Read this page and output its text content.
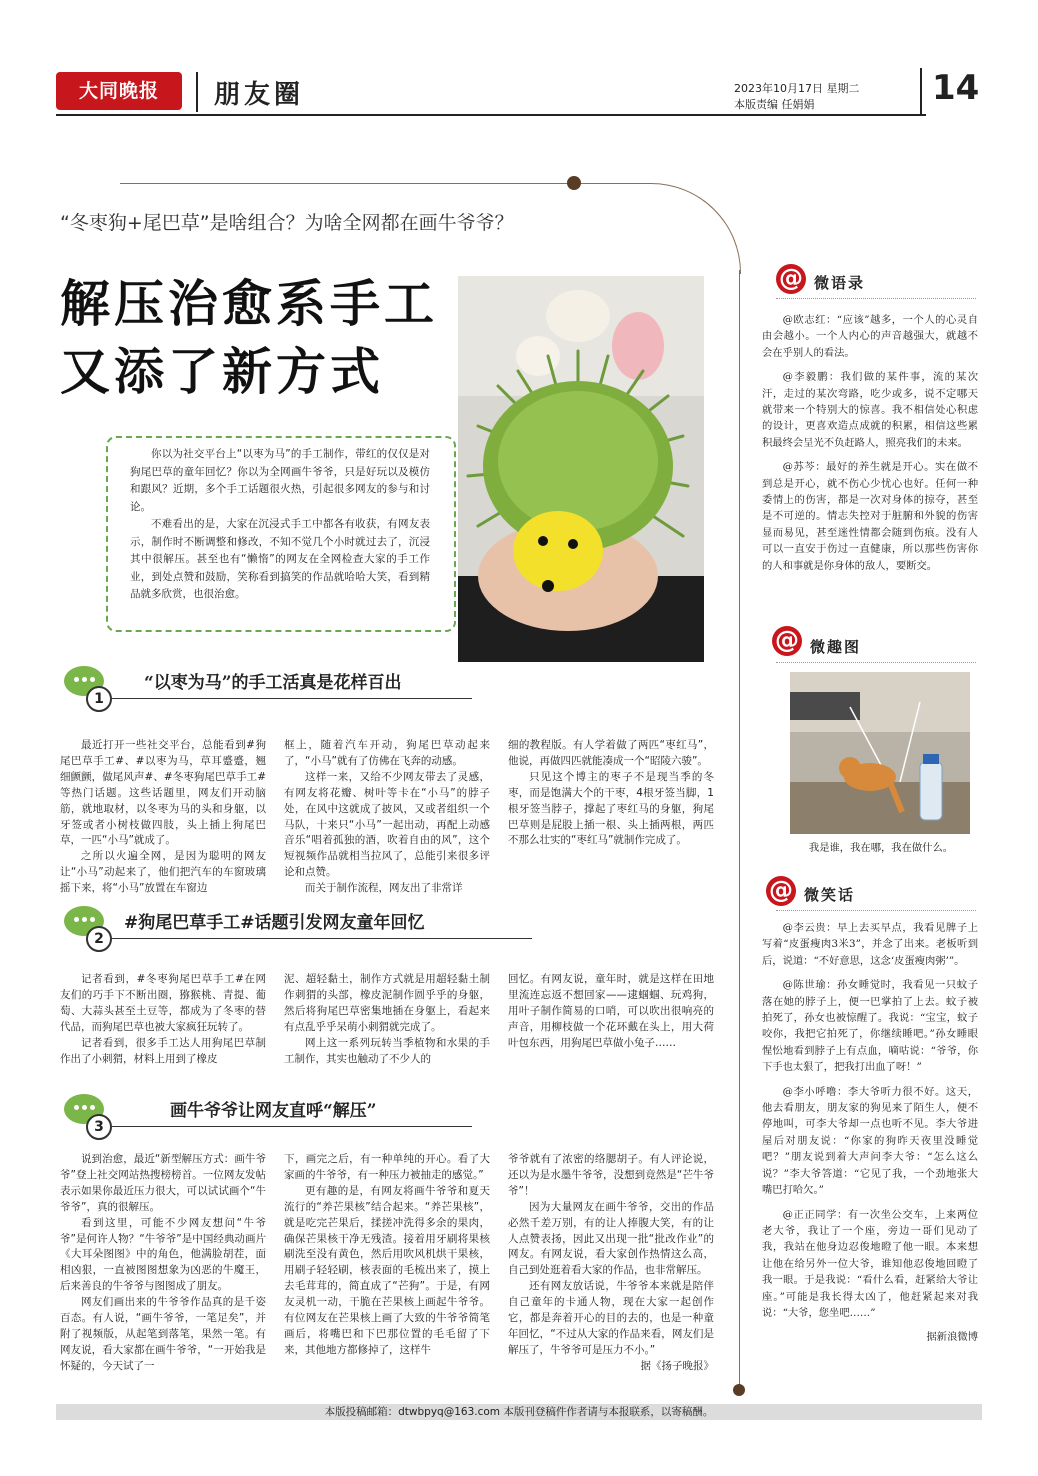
大同晚报	朋友圈	2023年10月17日 星期二
本版责编 任娟娟	14
“冬枣狗+尾巴草”是啥组合？为啥全网都在画牛爷爷？
解压治愈系手工
又添了新方式

你以为社交平台上“以枣为马”的手工制作，带红的仅仅是对狗尾巴草的童年回忆？你以为全网画牛爷爷，只是好玩以及模仿和跟风？近期，多个手工话题很火热，引起很多网友的参与和讨论。

不难看出的是，大家在沉浸式手工中都各有收获，有网友表示，制作时不断调整和修改，不知不觉几个小时就过去了，沉浸其中很解压。甚至也有“懒惰”的网友在全网检查大家的手工作业，到处点赞和鼓励，笑称看到搞笑的作品就哈哈大笑，看到精品就多欣赏，也很治愈。

1
“以枣为马”的手工活真是花样百出

最近打开一些社交平台，总能看到#狗尾巴草手工#、#以枣为马，草耳蹙蹙，翘细颤颤，做尾风声#、#冬枣狗尾巴草手工#等热门话题。这些话题里，网友们开动脑筋，就地取材，以冬枣为马的头和身躯，以牙签或者小树枝做四肢，头上插上狗尾巴草，一匹“小马”就成了。

之所以火遍全网，是因为聪明的网友让“小马”动起来了，他们把汽车的车窗玻璃摇下来，将“小马”放置在车窗边

框上，随着汽车开动，狗尾巴草动起来了，“小马”就有了仿佛在飞奔的动感。

这样一来，又给不少网友带去了灵感，有网友将花瓣、树叶等卡在“小马”的脖子处，在风中这就成了披风，又或者组织一个马队，十来只“小马”一起出动，再配上动感音乐“唱着孤独的酒，吹着自由的风”，这个短视频作品就相当拉风了，总能引来很多评论和点赞。

而关于制作流程，网友出了非常详

细的教程版。有人学着做了两匹“枣红马”，他说，再做四匹就能凑成一个“昭陵六骏”。

只见这个博主的枣子不是现当季的冬枣，而是饱满大个的干枣，4根牙签当脚，1根牙签当脖子，撑起了枣红马的身躯，狗尾巴草则是屁股上插一根、头上插两根，两匹不那么壮实的“枣红马”就制作完成了。

2
#狗尾巴草手工#话题引发网友童年回忆

记者看到，#冬枣狗尾巴草手工#在网友们的巧手下不断出圈，猕猴桃、青提、葡萄、大蒜头甚至土豆等，都成为了冬枣的替代品，而狗尾巴草也被大家疯狂玩转了。

记者看到，很多手工达人用狗尾巴草制作出了小刺猬，材料上用到了橡皮

泥、超轻黏土，制作方式就是用超轻黏土制作刺猬的头部，橡皮泥制作圆乎乎的身躯，然后将狗尾巴草密集地插在身躯上，看起来有点乱乎乎呆萌小刺猬就完成了。

网上这一系列玩转当季植物和水果的手工制作，其实也触动了不少人的

回忆。有网友说，童年时，就是这样在田地里流连忘返不想回家——逮蝈蝈、玩鸡狗，用叶子制作简易的口哨，可以吹出很响亮的声音，用柳枝做一个花环戴在头上，用大荷叶包东西，用狗尾巴草做小兔子……

3
画牛爷爷让网友直呼“解压”

说到治愈，最近“新型解压方式：画牛爷爷”登上社交网站热搜榜榜首。一位网友发帖表示如果你最近压力很大，可以试试画个“牛爷爷”，真的很解压。

看到这里，可能不少网友想问“牛爷爷”是何许人物？“牛爷爷”是中国经典动画片《大耳朵图图》中的角色，他满脸胡茬，面相凶狠，一直被图图想象为凶恶的牛魔王，后来善良的牛爷爷与图图成了朋友。

网友们画出来的牛爷爷作品真的是千姿百态。有人说，“画牛爷爷，一笔足矣”，并附了视频版，从起笔到落笔，果然一笔。有网友说，看大家都在画牛爷爷，“一开始我是怀疑的，今天试了一

下，画完之后，有一种单纯的开心。看了大家画的牛爷爷，有一种压力被抽走的感觉。”

更有趣的是，有网友将画牛爷爷和夏天流行的“养芒果核”结合起来。“养芒果核”，就是吃完芒果后，揉搓冲洗得多余的果肉，确保芒果核干净无残渣。接着用牙刷将果核刷洗至没有黄色，然后用吹风机烘干果核，用刷子轻轻刷，核表面的毛梳出来了，摸上去毛茸茸的，简直成了“芒狗”。于是，有网友灵机一动，干脆在芒果核上画起牛爷爷。有位网友在芒果核上画了大致的牛爷爷简笔画后，将嘴巴和下巴那位置的毛毛留了下来，其他地方都修掉了，这样牛

爷爷就有了浓密的络腮胡子。有人评论说，还以为是水墨牛爷爷，没想到竟然是“芒牛爷爷”！

因为大量网友在画牛爷爷，交出的作品必然千差万别，有的让人捧腹大笑，有的让人点赞表扬，因此又出现一批“批改作业”的网友。有网友说，看大家创作热情这么高，自己到处逛着看大家的作品，也非常解压。

还有网友放话说，牛爷爷本来就是陪伴自己童年的卡通人物，现在大家一起创作它，都是奔着开心的目的去的，也是一种童年回忆，“不过从大家的作品来看，网友们是解压了，牛爷爷可是压力不小。”

据《扬子晚报》
@ 微语录

@欧志红：“应该”越多，一个人的心灵自由会越小。一个人内心的声音越强大，就越不会在乎别人的看法。

@李毅鹏：我们做的某件事，流的某次汗，走过的某次弯路，吃少或多，说不定哪天就带来一个特别大的惊喜。我不相信处心积虑的设计，更喜欢造点成就的积累，相信这些累积最终会呈光不负赶路人，照亮我们的未来。

@苏芩：最好的养生就是开心。实在做不到总是开心，就不伤心少忧心也好。任何一种委情上的伤害，都是一次对身体的掠夺，甚至是不可逆的。情志失控对于脏腑和外貌的伤害显而易见，甚至迷性情都会随到伤痕。没有人可以一直安于伤过一直健康，所以那些伤害你的人和事就是你身体的敌人，要断交。

@ 微趣图
我是谁，我在哪，我在做什么。
@ 微笑话

@李云贵：早上去买早点，我看见牌子上写着“皮蛋瘦肉3米3”，并念了出来。老板听到后，说道：“不好意思，这念‘皮蛋瘦肉粥’”。

@陈世瑜：孙女睡觉时，我看见一只蚊子落在她的脖子上，便一巴掌拍了上去。蚊子被拍死了，孙女也被惊醒了。我说：“宝宝，蚊子咬你，我把它拍死了，你继续睡吧。”孙女睡眼惺忪地看到脖子上有点血，嘀咕说：“爷爷，你下手也太狠了，把我打出血了呀！”

@李小呼噜：李大爷听力很不好。这天，他去看朋友，朋友家的狗见来了陌生人，便不停地叫，可李大爷却一点也听不见。李大爷进屋后对朋友说：“你家的狗昨天夜里没睡觉吧？”朋友说到着大声问李大爷：“怎么这么说？”李大爷答道：“它见了我，一个劲地张大嘴巴打哈欠。”

@正正同学：有一次坐公交车，上来两位老大爷，我让了一个座，旁边一哥们见动了我，我站在他身边忍俊地瞪了他一眼。本来想让他在给另外一位大爷，谁知他忍俊地回瞪了我一眼。于是我说：“看什么看，赶紧给大爷让座。”可能是我长得太凶了，他赶紧起来对我说：“大爷，您坐吧……”

据新浪微博
本版投稿邮箱：dtwbpyq@163.com 本版刊登稿件作者请与本报联系，以寄稿酬。
